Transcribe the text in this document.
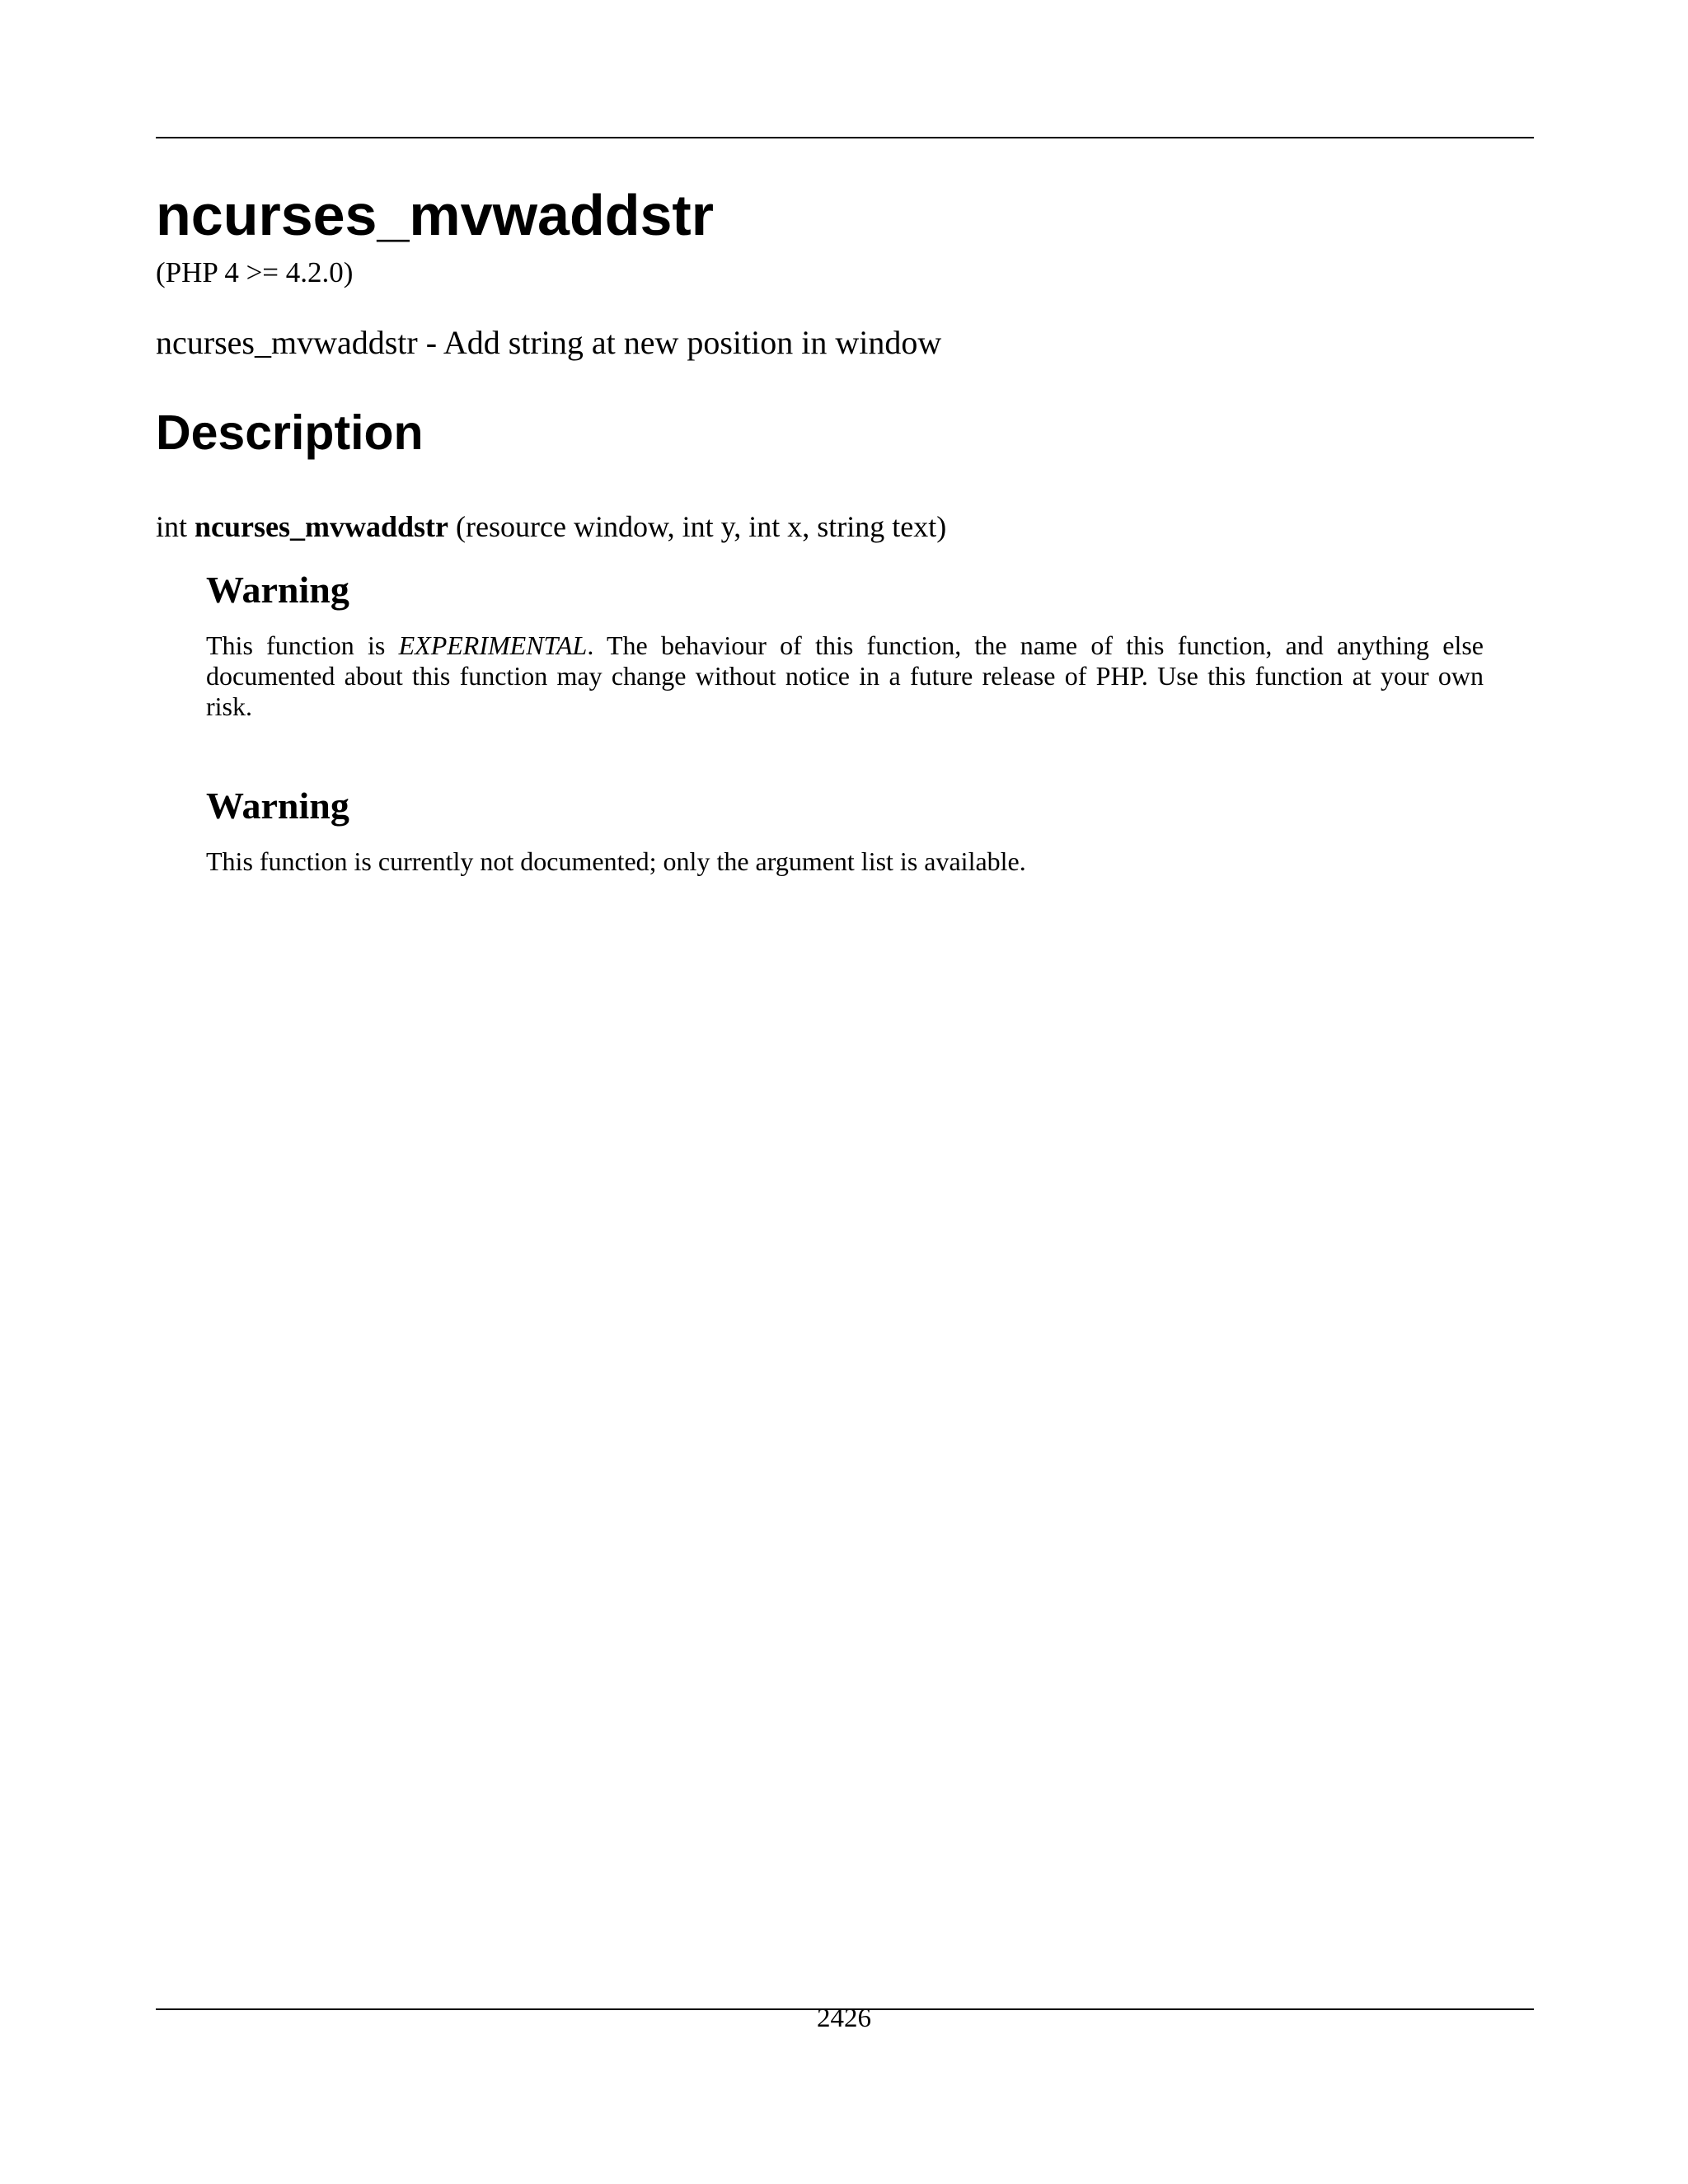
ncurses_mvwaddstr
(PHP 4 >= 4.2.0)
ncurses_mvwaddstr - Add string at new position in window
Description
int ncurses_mvwaddstr (resource window, int y, int x, string text)
Warning

This function is EXPERIMENTAL. The behaviour of this function, the name of this function, and anything else documented about this function may change without notice in a future release of PHP. Use this function at your own risk.

Warning

This function is currently not documented; only the argument list is available.

2426
